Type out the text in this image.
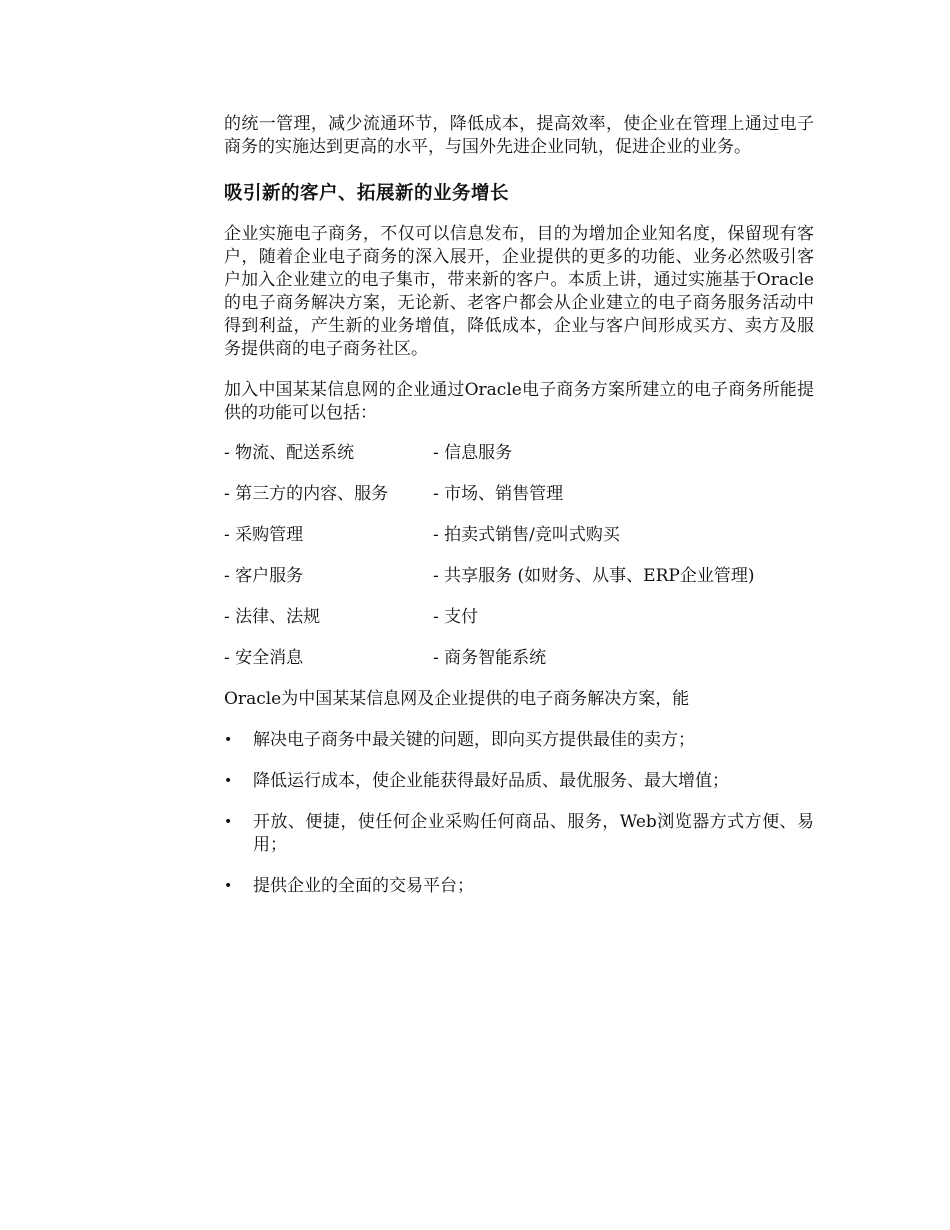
的统一管理，减少流通环节，降低成本，提高效率，使企业在管理上通过电子商务的实施达到更高的水平，与国外先进企业同轨，促进企业的业务。

吸引新的客户、拓展新的业务增长

企业实施电子商务，不仅可以信息发布，目的为增加企业知名度，保留现有客户，随着企业电子商务的深入展开，企业提供的更多的功能、业务必然吸引客户加入企业建立的电子集市，带来新的客户。本质上讲，通过实施基于Oracle的电子商务解决方案，无论新、老客户都会从企业建立的电子商务服务活动中得到利益，产生新的业务增值，降低成本，企业与客户间形成买方、卖方及服务提供商的电子商务社区。

加入中国某某信息网的企业通过Oracle电子商务方案所建立的电子商务所能提供的功能可以包括：

- 物流、配送系统	- 信息服务
- 第三方的内容、服务	- 市场、销售管理
- 采购管理	- 拍卖式销售/竞叫式购买
- 客户服务	- 共享服务 (如财务、从事、ERP企业管理)
- 法律、法规	- 支付
- 安全消息	- 商务智能系统

Oracle为中国某某信息网及企业提供的电子商务解决方案，能

•	解决电子商务中最关键的问题，即向买方提供最佳的卖方；
•	降低运行成本，使企业能获得最好品质、最优服务、最大增值；
•	开放、便捷，使任何企业采购任何商品、服务，Web浏览器方式方便、易用；
•	提供企业的全面的交易平台；
